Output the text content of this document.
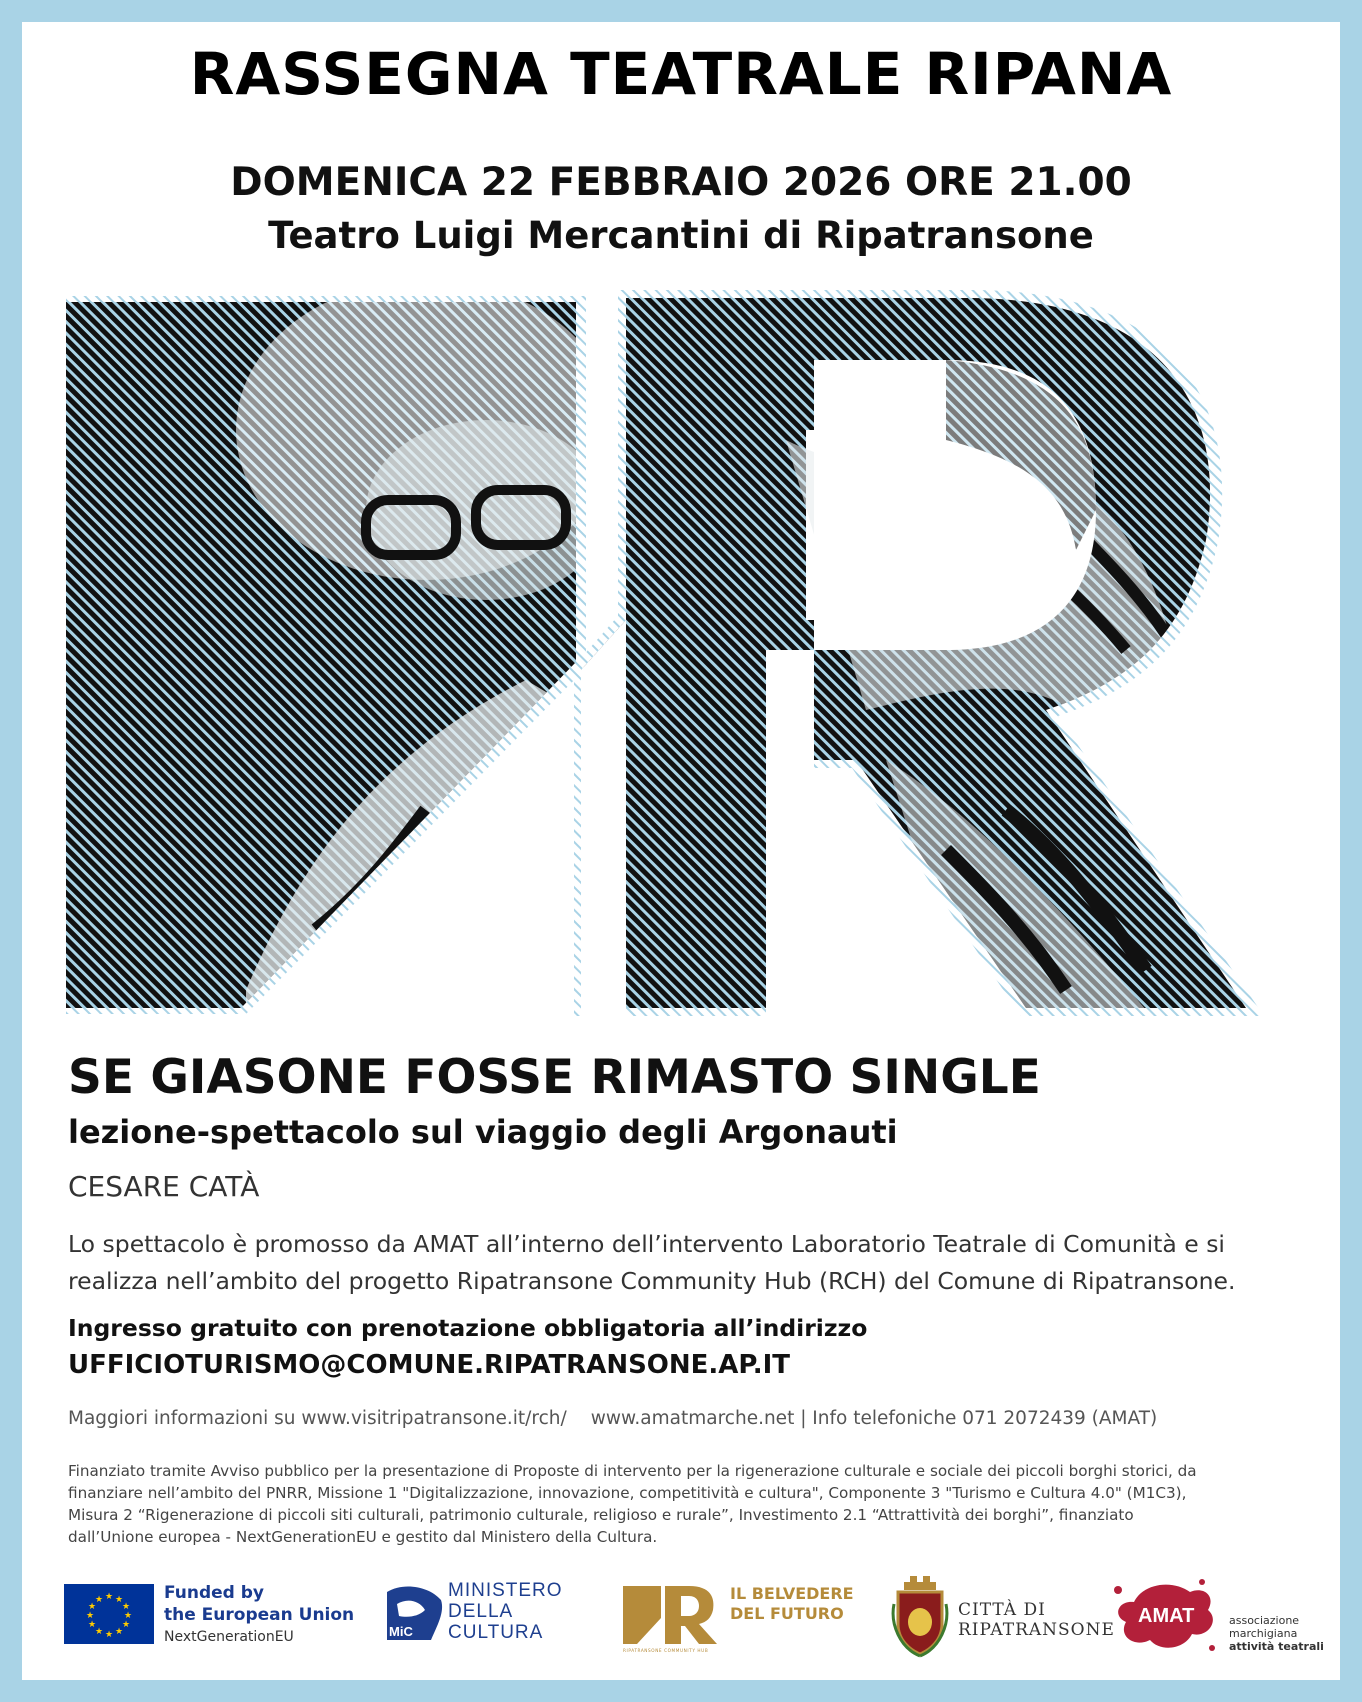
RASSEGNA TEATRALE RIPANA
DOMENICA 22 FEBBRAIO 2026 ORE 21.00
Teatro Luigi Mercantini di Ripatransone
SE GIASONE FOSSE RIMASTO SINGLE
lezione-spettacolo sul viaggio degli Argonauti
CESARE CATÀ
Lo spettacolo è promosso da AMAT all’interno dell’intervento Laboratorio Teatrale di Comunità e si
realizza nell’ambito del progetto Ripatransone Community Hub (RCH) del Comune di Ripatransone.
Ingresso gratuito con prenotazione obbligatoria all’indirizzo
UFFICIOTURISMO@COMUNE.RIPATRANSONE.AP.IT
Maggiori informazioni su www.visitripatransone.it/rch/ www.amatmarche.net | Info telefoniche 071 2072439 (AMAT)
Finanziato tramite Avviso pubblico per la presentazione di Proposte di intervento per la rigenerazione culturale e sociale dei piccoli borghi storici, da
finanziare nell’ambito del PNRR, Missione 1 "Digitalizzazione, innovazione, competitività e cultura", Componente 3 "Turismo e Cultura 4.0" (M1C3),
Misura 2 “Rigenerazione di piccoli siti culturali, patrimonio culturale, religioso e rurale”, Investimento 2.1 “Attrattività dei borghi”, finanziato
dall’Unione europea - NextGenerationEU e gestito dal Ministero della Cultura.
★ ★
★
★
★
★
★
★
★
★
★
★	Funded by
the European Union
NextGenerationEU	MiC
MINISTERO
DELLA
CULTURA
RIPATRANSONE COMMUNITY HUB
IL BELVEDERE
DEL FUTURO	CITTÀ DI
RIPATRANSONE
AMAT	associazione
marchigiana
attività teatrali
